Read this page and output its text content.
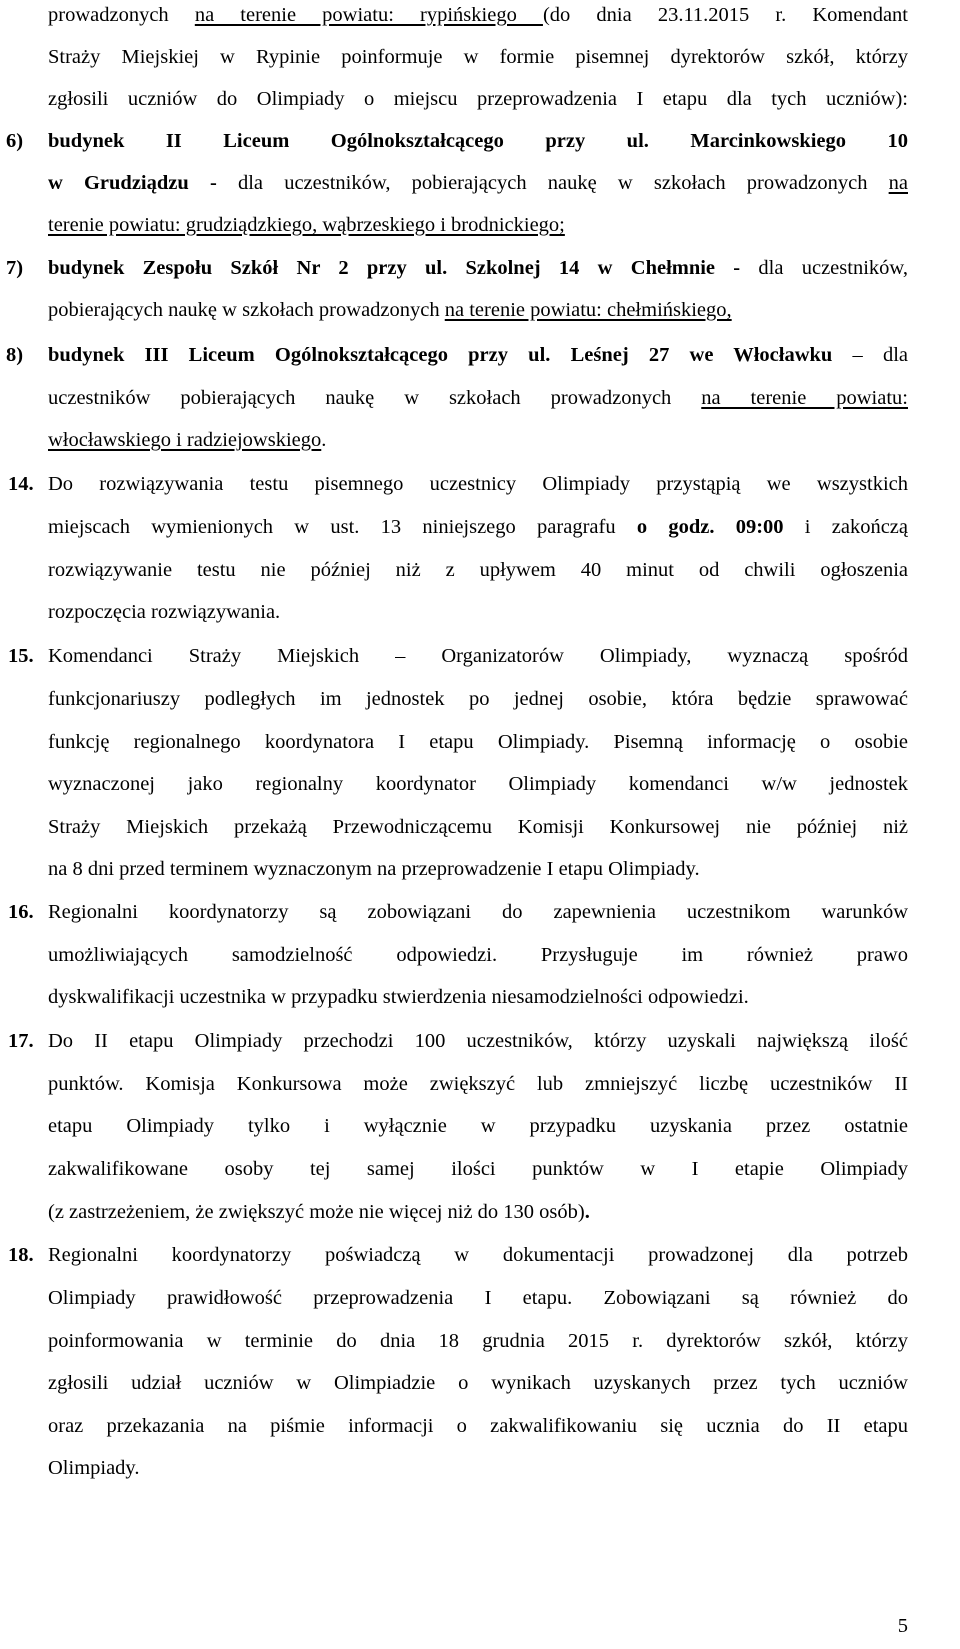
prowadzonych na terenie powiatu: rypińskiego (do dnia 23.11.2015 r. Komendant
Straży Miejskiej w Rypinie poinformuje w formie pisemnej dyrektorów szkół, którzy
zgłosili uczniów do Olimpiady o miejscu przeprowadzenia I etapu dla tych uczniów):
6)	budynek II Liceum Ogólnokształcącego przy ul. Marcinkowskiego 10
w Grudziądzu - dla uczestników, pobierających naukę w szkołach prowadzonych na
terenie powiatu: grudziądzkiego, wąbrzeskiego i brodnickiego;
7)	budynek Zespołu Szkół Nr 2 przy ul. Szkolnej 14 w Chełmnie - dla uczestników,
pobierających naukę w szkołach prowadzonych na terenie powiatu: chełmińskiego,
8)	budynek III Liceum Ogólnokształcącego przy ul. Leśnej 27 we Włocławku – dla
uczestników pobierających naukę w szkołach prowadzonych na terenie powiatu:
włocławskiego i radziejowskiego.
14. Do rozwiązywania testu pisemnego uczestnicy Olimpiady przystąpią we wszystkich
miejscach wymienionych w ust. 13 niniejszego paragrafu o godz. 09:00 i zakończą
rozwiązywanie testu nie później niż z upływem 40 minut od chwili ogłoszenia
rozpoczęcia rozwiązywania.
15. Komendanci Straży Miejskich – Organizatorów Olimpiady, wyznaczą spośród
funkcjonariuszy podległych im jednostek po jednej osobie, która będzie sprawować
funkcję regionalnego koordynatora I etapu Olimpiady. Pisemną informację o osobie
wyznaczonej jako regionalny koordynator Olimpiady komendanci w/w jednostek
Straży Miejskich przekażą Przewodniczącemu Komisji Konkursowej nie później niż
na 8 dni przed terminem wyznaczonym na przeprowadzenie I etapu Olimpiady.
16. Regionalni koordynatorzy są zobowiązani do zapewnienia uczestnikom warunków
umożliwiających samodzielność odpowiedzi. Przysługuje im również prawo
dyskwalifikacji uczestnika w przypadku stwierdzenia niesamodzielności odpowiedzi.
17. Do II etapu Olimpiady przechodzi 100 uczestników, którzy uzyskali największą ilość
punktów. Komisja Konkursowa może zwiększyć lub zmniejszyć liczbę uczestników II
etapu Olimpiady tylko i wyłącznie w przypadku uzyskania przez ostatnie
zakwalifikowane osoby tej samej ilości punktów w I etapie Olimpiady
(z zastrzeżeniem, że zwiększyć może nie więcej niż do 130 osób).
18. Regionalni koordynatorzy poświadczą w dokumentacji prowadzonej dla potrzeb
Olimpiady prawidłowość przeprowadzenia I etapu. Zobowiązani są również do
poinformowania w terminie do dnia 18 grudnia 2015 r. dyrektorów szkół, którzy
zgłosili udział uczniów w Olimpiadzie o wynikach uzyskanych przez tych uczniów
oraz przekazania na piśmie informacji o zakwalifikowaniu się ucznia do II etapu
Olimpiady.
5
